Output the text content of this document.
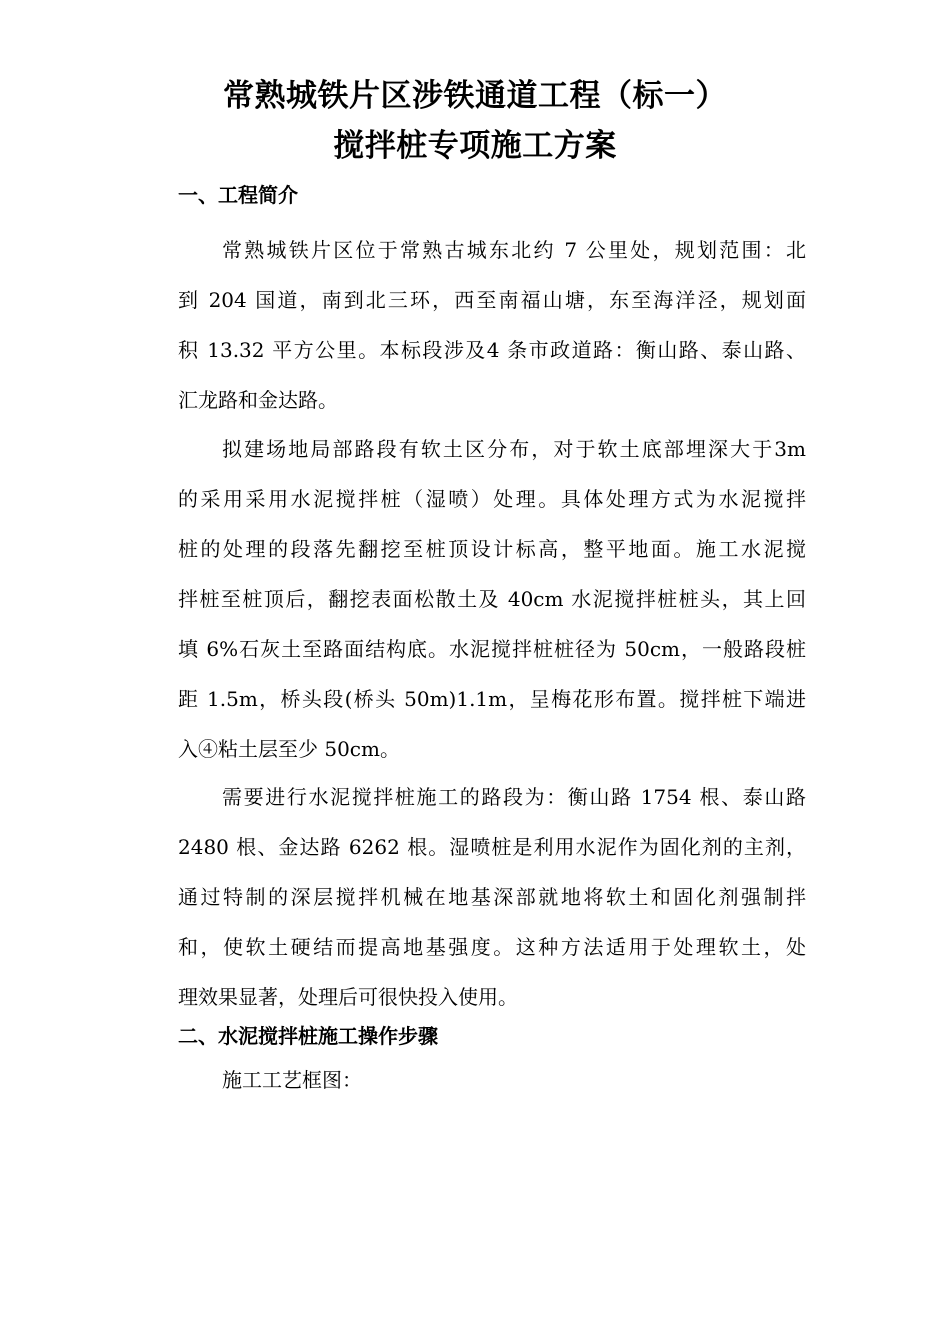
常熟城铁片区涉铁通道工程（标一）
搅拌桩专项施工方案
一、工程简介
常熟城铁片区位于常熟古城东北约 7 公里处，规划范围：北
到 204 国道，南到北三环，西至南福山塘，东至海洋泾，规划面
积 13.32 平方公里。本标段涉及4 条市政道路：衡山路、泰山路、
汇龙路和金达路。
拟建场地局部路段有软土区分布，对于软土底部埋深大于3m
的采用采用水泥搅拌桩（湿喷）处理。具体处理方式为水泥搅拌
桩的处理的段落先翻挖至桩顶设计标高，整平地面。施工水泥搅
拌桩至桩顶后，翻挖表面松散土及 40cm 水泥搅拌桩桩头，其上回
填 6%石灰土至路面结构底。水泥搅拌桩桩径为 50cm，一般路段桩
距 1.5m，桥头段(桥头 50m)1.1m，呈梅花形布置。搅拌桩下端进
入④粘土层至少 50cm。
需要进行水泥搅拌桩施工的路段为：衡山路 1754 根、泰山路
2480 根、金达路 6262 根。湿喷桩是利用水泥作为固化剂的主剂，
通过特制的深层搅拌机械在地基深部就地将软土和固化剂强制拌
和，使软土硬结而提高地基强度。这种方法适用于处理软土，处
理效果显著，处理后可很快投入使用。
二、水泥搅拌桩施工操作步骤
施工工艺框图：
